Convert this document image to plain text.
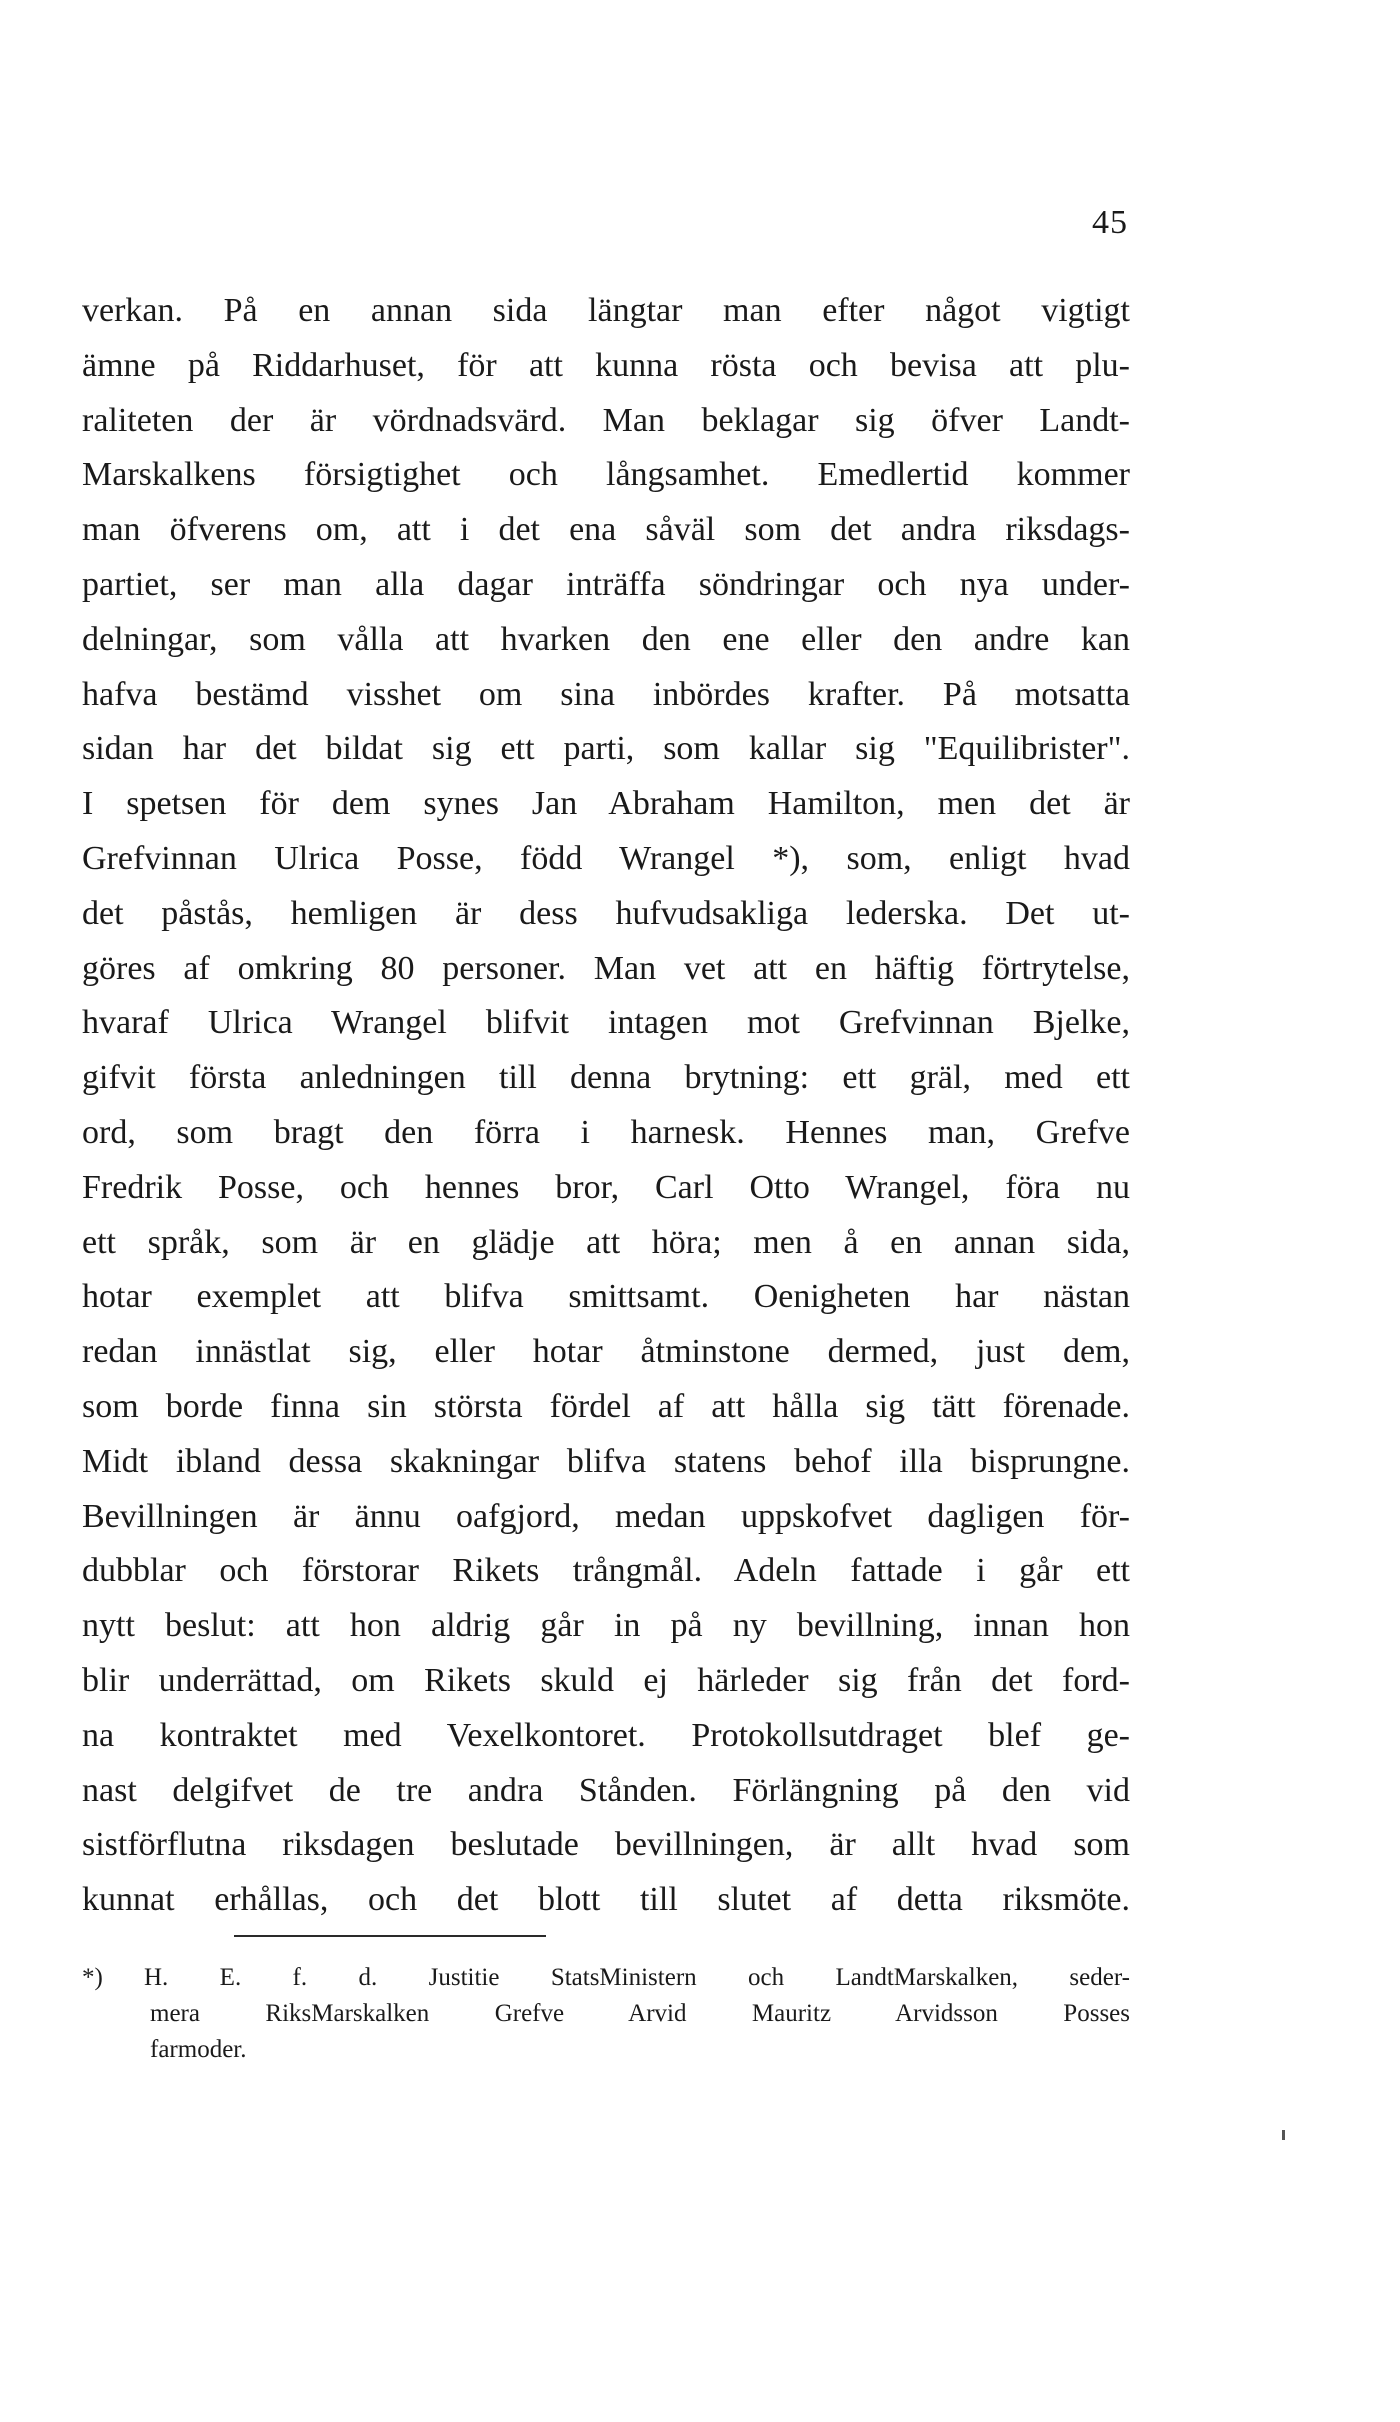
45
verkan. På en annan sida längtar man efter något vigtigt
ämne på Riddarhuset, för att kunna rösta och bevisa att plu-
raliteten der är vördnadsvärd. Man beklagar sig öfver Landt-
Marskalkens försigtighet och långsamhet. Emedlertid kommer
man öfverens om, att i det ena såväl som det andra riksdags-
partiet, ser man alla dagar inträffa söndringar och nya under-
delningar, som vålla att hvarken den ene eller den andre kan
hafva bestämd visshet om sina inbördes krafter. På motsatta
sidan har det bildat sig ett parti, som kallar sig "Equilibrister".
I spetsen för dem synes Jan Abraham Hamilton, men det är
Grefvinnan Ulrica Posse, född Wrangel *), som, enligt hvad
det påstås, hemligen är dess hufvudsakliga lederska. Det ut-
göres af omkring 80 personer. Man vet att en häftig förtrytelse,
hvaraf Ulrica Wrangel blifvit intagen mot Grefvinnan Bjelke,
gifvit första anledningen till denna brytning: ett gräl, med ett
ord, som bragt den förra i harnesk. Hennes man, Grefve
Fredrik Posse, och hennes bror, Carl Otto Wrangel, föra nu
ett språk, som är en glädje att höra; men å en annan sida,
hotar exemplet att blifva smittsamt. Oenigheten har nästan
redan innästlat sig, eller hotar åtminstone dermed, just dem,
som borde finna sin största fördel af att hålla sig tätt förenade.
Midt ibland dessa skakningar blifva statens behof illa bisprungne.
Bevillningen är ännu oafgjord, medan uppskofvet dagligen för-
dubblar och förstorar Rikets trångmål. Adeln fattade i går ett
nytt beslut: att hon aldrig går in på ny bevillning, innan hon
blir underrättad, om Rikets skuld ej härleder sig från det ford-
na kontraktet med Vexelkontoret. Protokollsutdraget blef ge-
nast delgifvet de tre andra Stånden. Förlängning på den vid
sistförflutna riksdagen beslutade bevillningen, är allt hvad som
kunnat erhållas, och det blott till slutet af detta riksmöte.
*) H. E. f. d. Justitie StatsMinistern och LandtMarskalken, seder-
mera RiksMarskalken Grefve Arvid Mauritz Arvidsson Posses
farmoder.
